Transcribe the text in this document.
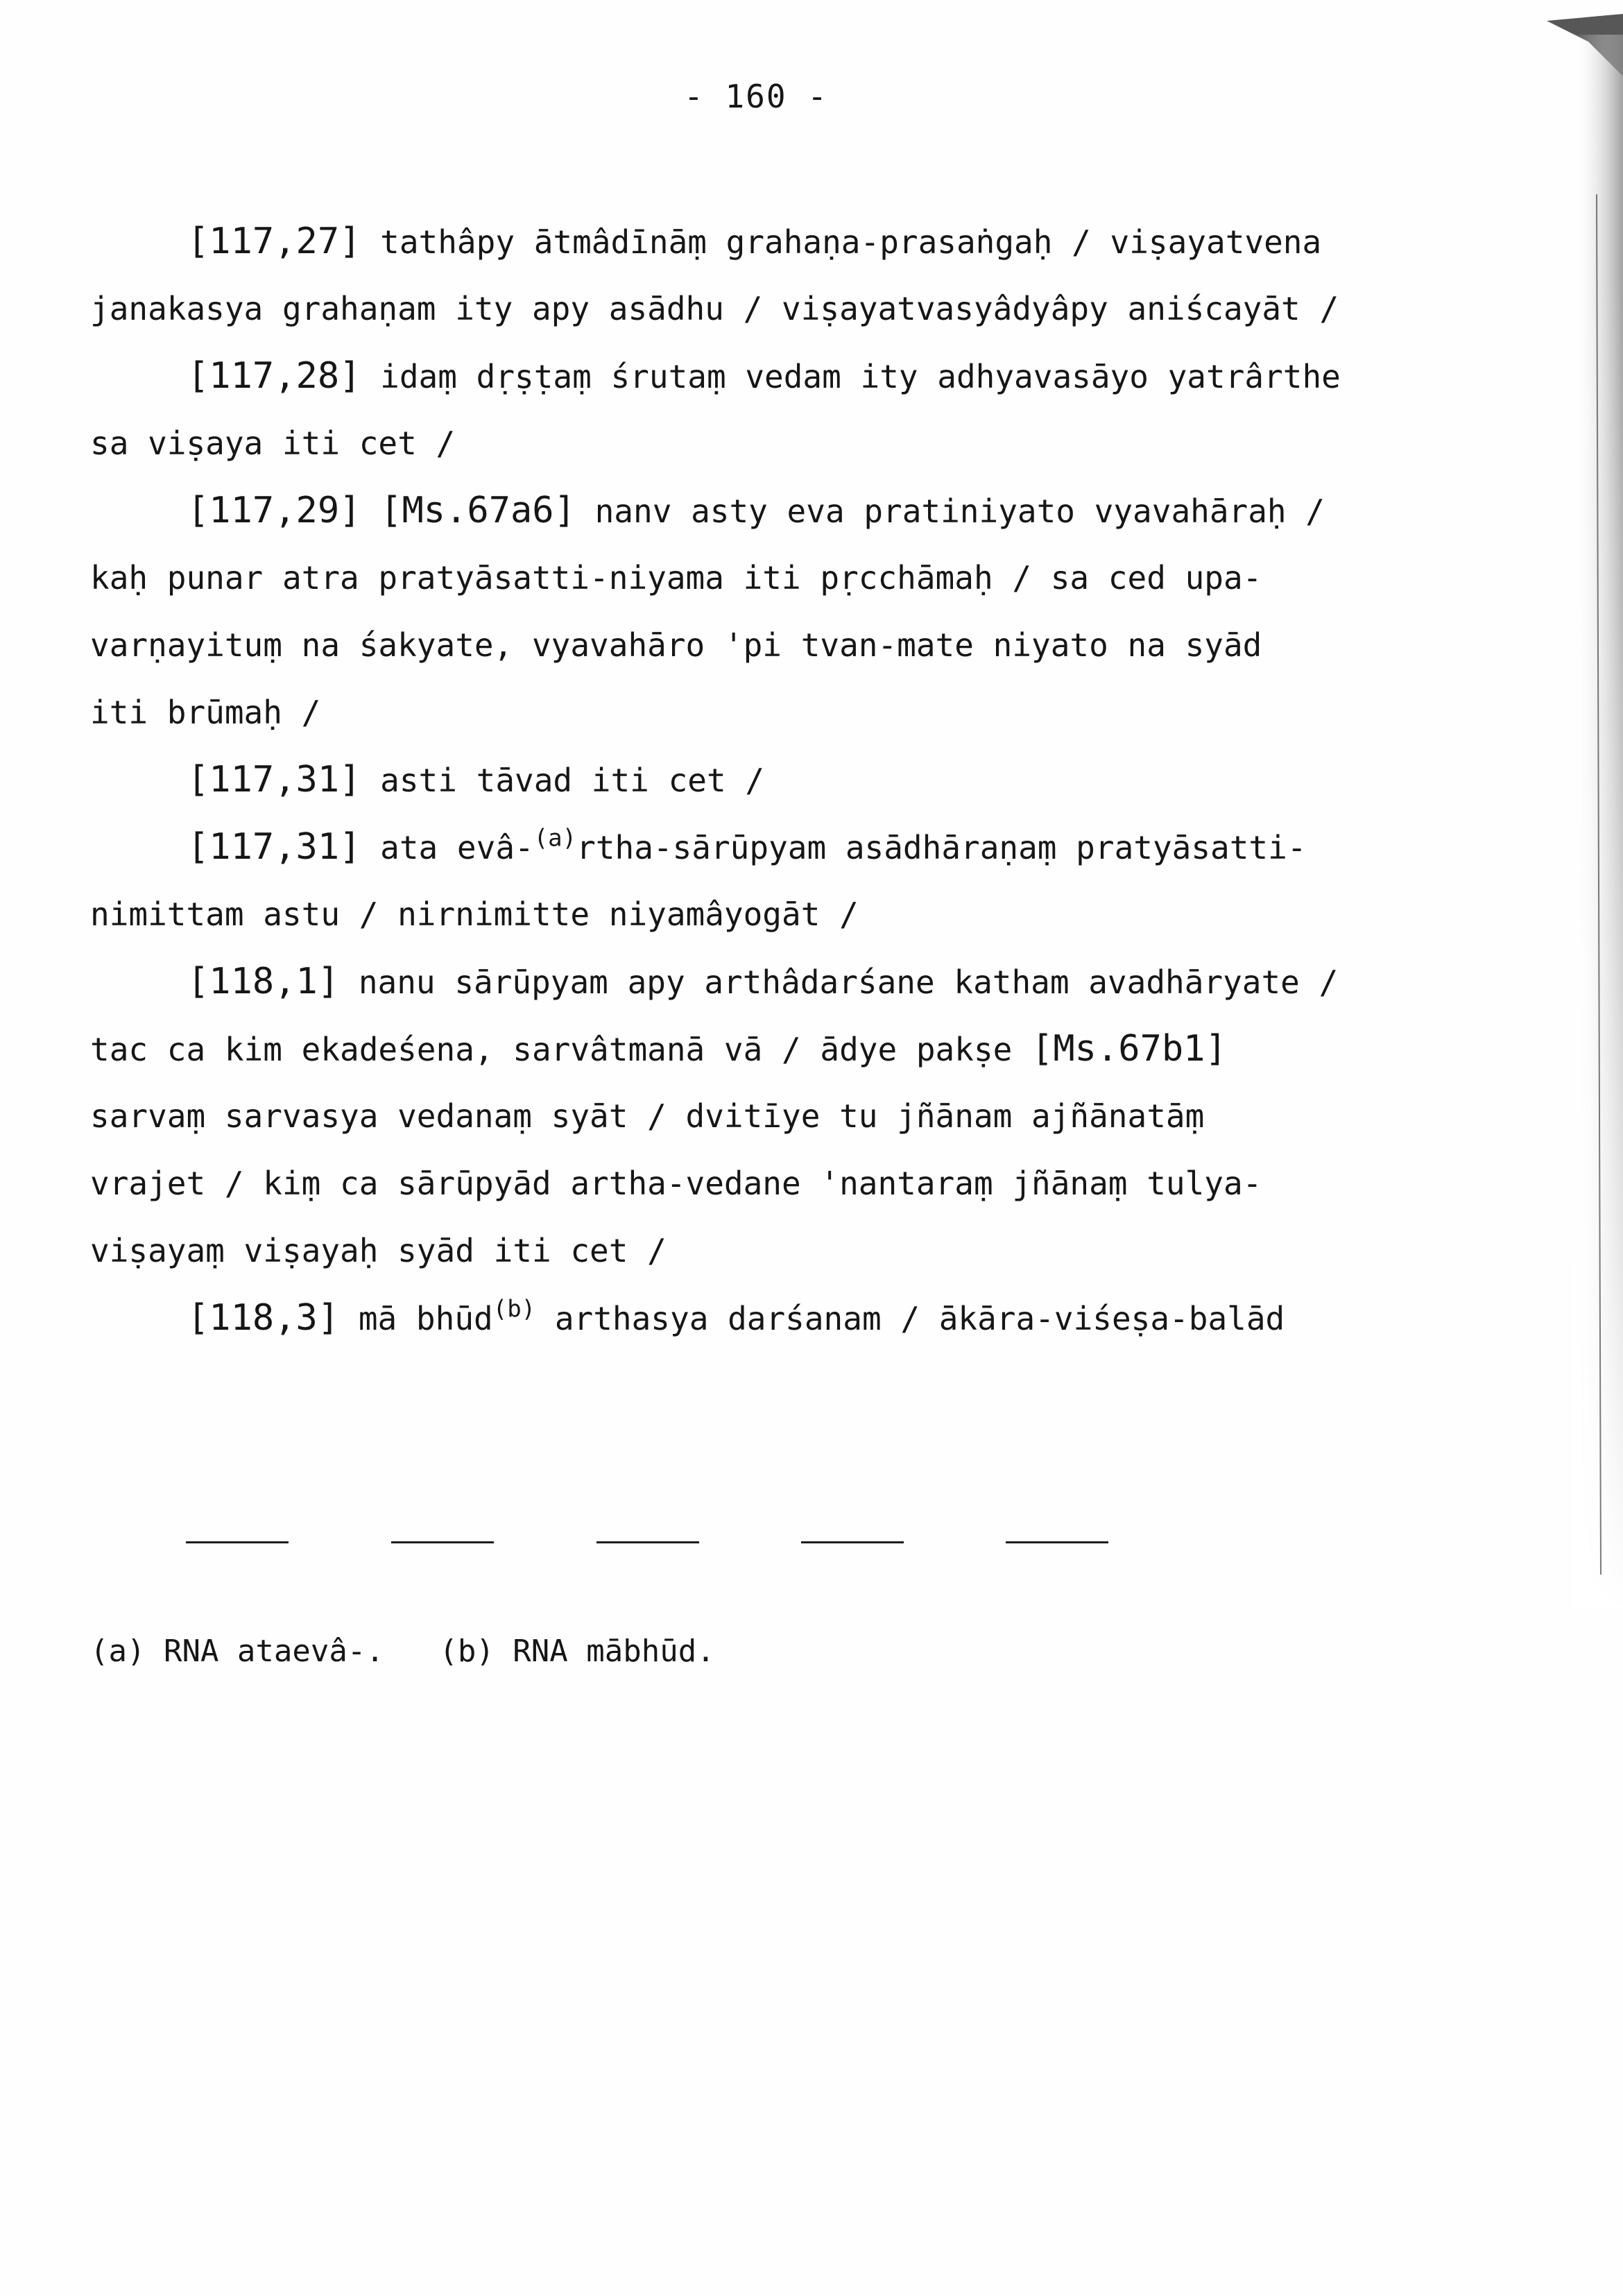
- 160 -
[117,27] tathâpy ātmâdīnāṃ grahaṇa-prasaṅgaḥ / viṣayatvena
janakasya grahaṇam ity apy asādhu / viṣayatvasyâdyâpy aniścayāt /
[117,28] idaṃ dṛṣṭaṃ śrutaṃ vedam ity adhyavasāyo yatrârthe
sa viṣaya iti cet /
[117,29] [Ms.67a6] nanv asty eva pratiniyato vyavahāraḥ /
kaḥ punar atra pratyāsatti-niyama iti pṛcchāmaḥ / sa ced upa-
varṇayituṃ na śakyate, vyavahāro 'pi tvan-mate niyato na syād
iti brūmaḥ /
[117,31] asti tāvad iti cet /
[117,31] ata evâ-$^{(a)}$rtha-sārūpyam asādhāraṇaṃ pratyāsatti-
nimittam astu / nirnimitte niyamâyogāt /
[118,1] nanu sārūpyam apy arthâdarśane katham avadhāryate /
tac ca kim ekadeśena, sarvâtmanā vā / ādye pakṣe [Ms.67b1]
sarvaṃ sarvasya vedanaṃ syāt / dvitīye tu jñānam ajñānatāṃ
vrajet / kiṃ ca sārūpyād artha-vedane 'nantaraṃ jñānaṃ tulya-
viṣayaṃ viṣayaḥ syād iti cet /
[118,3] mā bhūd$^{(b)}$ arthasya darśanam / ākāra-viśeṣa-balād
(a) RNA ataevâ-. (b) RNA mābhūd.
